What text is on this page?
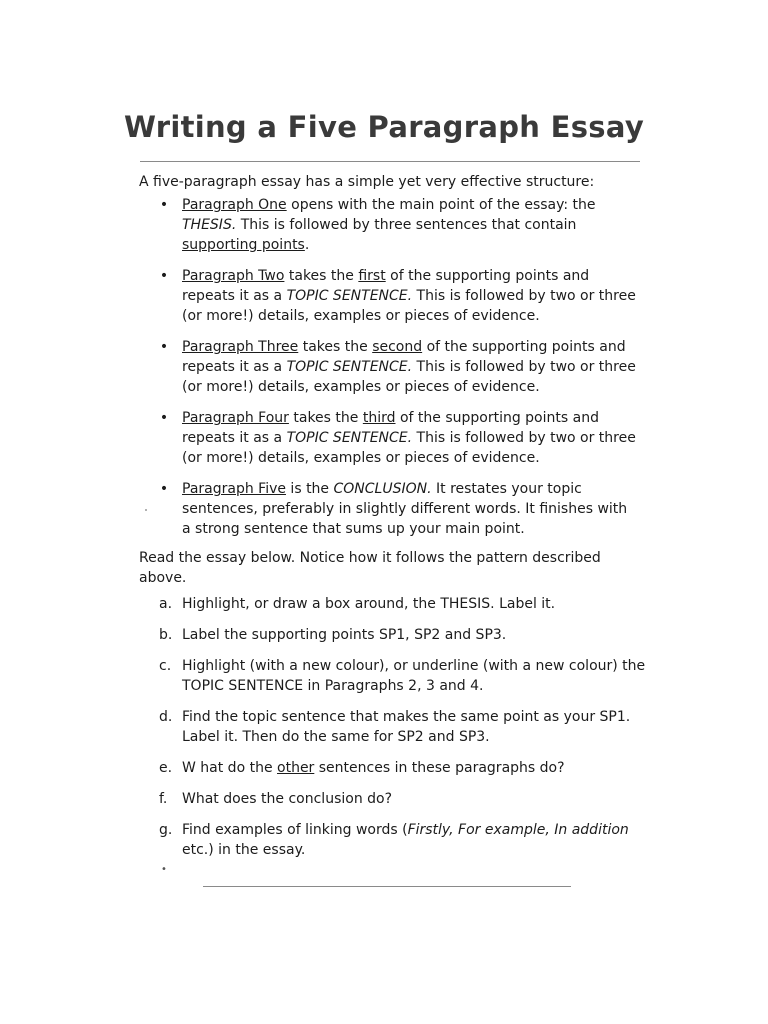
Writing a Five Paragraph Essay
A five-paragraph essay has a simple yet very effective structure:
• Paragraph One opens with the main point of the essay: the THESIS. This is followed by three sentences that contain supporting points.
• Paragraph Two takes the first of the supporting points and repeats it as a TOPIC SENTENCE. This is followed by two or three (or more!) details, examples or pieces of evidence.
• Paragraph Three takes the second of the supporting points and repeats it as a TOPIC SENTENCE. This is followed by two or three (or more!) details, examples or pieces of evidence.
• Paragraph Four takes the third of the supporting points and repeats it as a TOPIC SENTENCE. This is followed by two or three (or more!) details, examples or pieces of evidence.
• Paragraph Five is the CONCLUSION. It restates your topic sentences, preferably in slightly different words. It finishes with a strong sentence that sums up your main point.
Read the essay below. Notice how it follows the pattern described above.
a. Highlight, or draw a box around, the THESIS. Label it.
b. Label the supporting points SP1, SP2 and SP3.
c. Highlight (with a new colour), or underline (with a new colour) the TOPIC SENTENCE in Paragraphs 2, 3 and 4.
d. Find the topic sentence that makes the same point as your SP1. Label it. Then do the same for SP2 and SP3.
e. W hat do the other sentences in these paragraphs do?
f. What does the conclusion do?
g. Find examples of linking words (Firstly, For example, In addition etc.) in the essay.
•
